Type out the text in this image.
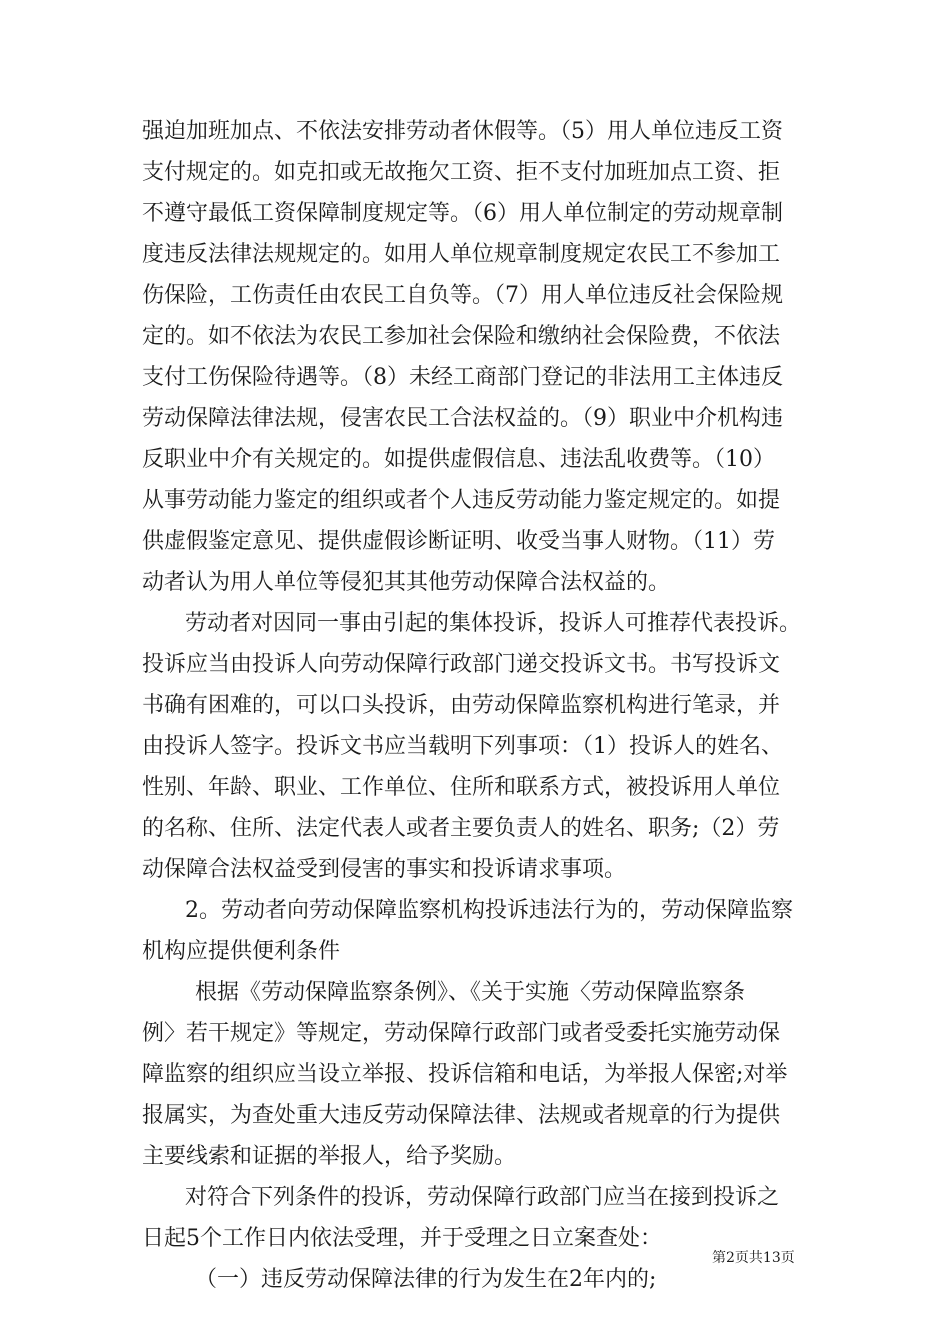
强迫加班加点、不依法安排劳动者休假等。（5）用人单位违反工资

支付规定的。如克扣或无故拖欠工资、拒不支付加班加点工资、拒

不遵守最低工资保障制度规定等。（6）用人单位制定的劳动规章制

度违反法律法规规定的。如用人单位规章制度规定农民工不参加工

伤保险，工伤责任由农民工自负等。（7）用人单位违反社会保险规

定的。如不依法为农民工参加社会保险和缴纳社会保险费，不依法

支付工伤保险待遇等。（8）未经工商部门登记的非法用工主体违反

劳动保障法律法规，侵害农民工合法权益的。（9）职业中介机构违

反职业中介有关规定的。如提供虚假信息、违法乱收费等。（10）

从事劳动能力鉴定的组织或者个人违反劳动能力鉴定规定的。如提

供虚假鉴定意见、提供虚假诊断证明、收受当事人财物。（11）劳

动者认为用人单位等侵犯其其他劳动保障合法权益的。

劳动者对因同一事由引起的集体投诉，投诉人可推荐代表投诉。

投诉应当由投诉人向劳动保障行政部门递交投诉文书。书写投诉文

书确有困难的，可以口头投诉，由劳动保障监察机构进行笔录，并

由投诉人签字。投诉文书应当载明下列事项：（1）投诉人的姓名、

性别、年龄、职业、工作单位、住所和联系方式，被投诉用人单位

的名称、住所、法定代表人或者主要负责人的姓名、职务;（2）劳

动保障合法权益受到侵害的事实和投诉请求事项。

2。劳动者向劳动保障监察机构投诉违法行为的，劳动保障监察

机构应提供便利条件

根据《劳动保障监察条例》、《关于实施〈劳动保障监察条

例〉若干规定》等规定，劳动保障行政部门或者受委托实施劳动保

障监察的组织应当设立举报、投诉信箱和电话，为举报人保密;对举

报属实，为查处重大违反劳动保障法律、法规或者规章的行为提供

主要线索和证据的举报人，给予奖励。

对符合下列条件的投诉，劳动保障行政部门应当在接到投诉之

日起5个工作日内依法受理，并于受理之日立案查处：

（一）违反劳动保障法律的行为发生在2年内的;

第2页共13页
